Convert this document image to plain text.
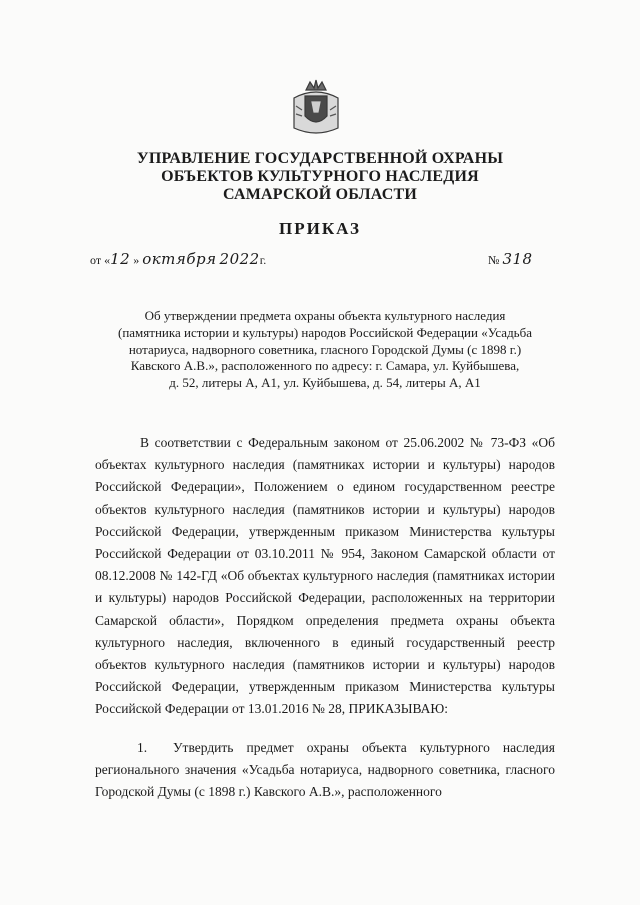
УПРАВЛЕНИЕ ГОСУДАРСТВЕННОЙ ОХРАНЫ
ОБЪЕКТОВ КУЛЬТУРНОГО НАСЛЕДИЯ
САМАРСКОЙ ОБЛАСТИ
ПРИКАЗ
от «12 » октября 2022г.	№ 318
Об утверждении предмета охраны объекта культурного наследия
(памятника истории и культуры) народов Российской Федерации «Усадьба
нотариуса, надворного советника, гласного Городской Думы (с 1898 г.)
Кавского А.В.», расположенного по адресу: г. Самара, ул. Куйбышева,
д. 52, литеры А, А1, ул. Куйбышева, д. 54, литеры А, А1

В соответствии с Федеральным законом от 25.06.2002 № 73-ФЗ «Об объектах культурного наследия (памятниках истории и культуры) народов Российской Федерации», Положением о едином государственном реестре объектов культурного наследия (памятников истории и культуры) народов Российской Федерации, утвержденным приказом Министерства культуры Российской Федерации от 03.10.2011 № 954, Законом Самарской области от 08.12.2008 № 142-ГД «Об объектах культурного наследия (памятниках истории и культуры) народов Российской Федерации, расположенных на территории Самарской области», Порядком определения предмета охраны объекта культурного наследия, включенного в единый государственный реестр объектов культурного наследия (памятников истории и культуры) народов Российской Федерации, утвержденным приказом Министерства культуры Российской Федерации от 13.01.2016 № 28, ПРИКАЗЫВАЮ:

1. Утвердить предмет охраны объекта культурного наследия регионального значения «Усадьба нотариуса, надворного советника, гласного Городской Думы (с 1898 г.) Кавского А.В.», расположенного
